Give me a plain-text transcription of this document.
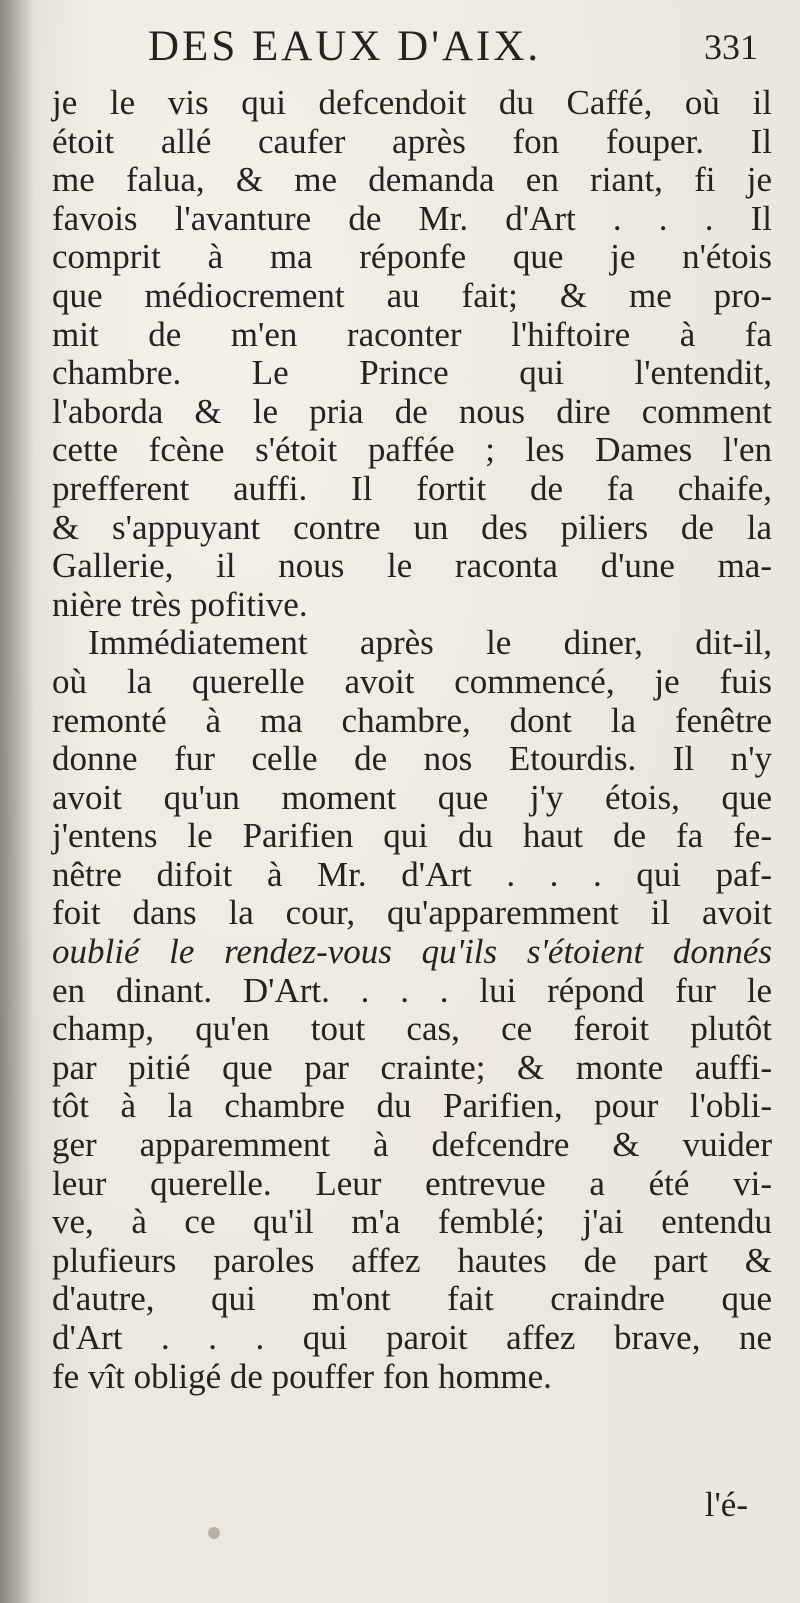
DES EAUX D'AIX.	331
je le vis qui defcendoit du Caffé, où il
étoit allé caufer après fon fouper. Il
me falua, & me demanda en riant, fi je
favois l'avanture de Mr. d'Art . . . Il
comprit à ma réponfe que je n'étois
que médiocrement au fait; & me pro-
mit de m'en raconter l'hiftoire à fa
chambre. Le Prince qui l'entendit,
l'aborda & le pria de nous dire comment
cette fcène s'étoit paffée ; les Dames l'en
prefferent auffi. Il fortit de fa chaife,
& s'appuyant contre un des piliers de la
Gallerie, il nous le raconta d'une ma-
nière très pofitive.
Immédiatement après le diner, dit-il,
où la querelle avoit commencé, je fuis
remonté à ma chambre, dont la fenêtre
donne fur celle de nos Etourdis. Il n'y
avoit qu'un moment que j'y étois, que
j'entens le Parifien qui du haut de fa fe-
nêtre difoit à Mr. d'Art . . . qui paf-
foit dans la cour, qu'apparemment il avoit
oublié le rendez-vous qu'ils s'étoient donnés
en dinant. D'Art. . . . lui répond fur le
champ, qu'en tout cas, ce feroit plutôt
par pitié que par crainte; & monte auffi-
tôt à la chambre du Parifien, pour l'obli-
ger apparemment à defcendre & vuider
leur querelle. Leur entrevue a été vi-
ve, à ce qu'il m'a femblé; j'ai entendu
plufieurs paroles affez hautes de part &
d'autre, qui m'ont fait craindre que
d'Art . . . qui paroit affez brave, ne
fe vît obligé de pouffer fon homme.
l'é-
